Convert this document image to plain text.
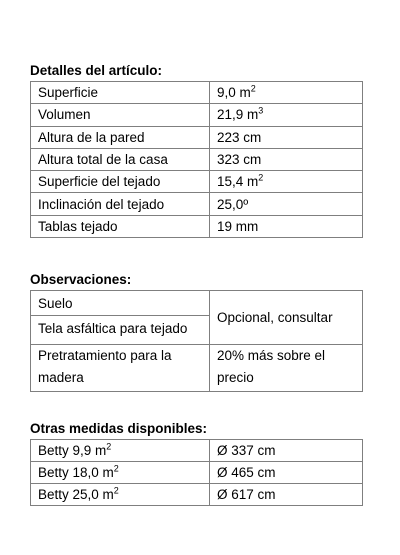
Detalles del artículo:
Superficie	9,0 $m^2$
Volumen	21,9 $m^3$
Altura de la pared	223 cm
Altura total de la casa	323 cm
Superficie del tejado	15,4 $m^2$
Inclinación del tejado	25,0º
Tablas tejado	19 mm
Observaciones:
Suelo	Opcional, consultar
Tela asfáltica para tejado	
Pretratamiento para la madera	20% más sobre el precio
Otras medidas disponibles:
Betty 9,9 $m^2$	Ø 337 cm
Betty 18,0 $m^2$	Ø 465 cm
Betty 25,0 $m^2$	Ø 617 cm
